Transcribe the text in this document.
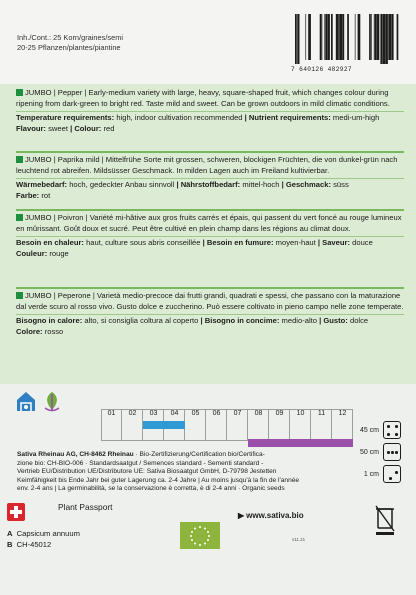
Inh./Cont.: 25 Korn/graines/semi
20-25 Pflanzen/plantes/piantine
7 640126 482927

JUMBO | Pepper | Early-medium variety with large, heavy, square-shaped fruit, which changes colour during ripening from dark-green to bright red. Taste mild and sweet. Can be grown outdoors in mild climatic conditions.

Temperature requirements: high, indoor cultivation recommended | Nutrient requirements: medi-um-high

Flavour: sweet | Colour: red

JUMBO | Paprika mild | Mittelfrühe Sorte mit grossen, schweren, blockigen Früchten, die von dunkel-grün nach leuchtend rot abreifen. Mildsüsser Geschmack. In milden Lagen auch im Freiland kultivierbar.

Wärmebedarf: hoch, gedeckter Anbau sinnvoll | Nährstoffbedarf: mittel-hoch | Geschmack: süss

Farbe: rot

JUMBO | Poivron | Variété mi-hâtive aux gros fruits carrés et épais, qui passent du vert foncé au rouge lumineux en mûrissant. Goût doux et sucré. Peut être cultivé en plein champ dans les régions au climat doux.

Besoin en chaleur: haut, culture sous abris conseillée | Besoin en fumure: moyen-haut | Saveur: douce

Couleur: rouge

JUMBO | Peperone | Varietà medio-precoce dai frutti grandi, quadrati e spessi, che passano con la maturazione dal verde scuro al rosso vivo. Gusto dolce e zuccherino. Può essere coltivato in pieno campo nelle zone temperate.

Bisogno in calore: alto, si consiglia coltura al coperto | Bisogno in concime: medio-alto | Gusto: dolce

Colore: rosso

01	02	03	04	05	06	07	08	09	10	11	12
45 cm
50 cm
1 cm
Sativa Rheinau AG, CH-8462 Rheinau · Bio-Zertifizierung/Certification bio/Certifica-
zione bio: CH-BIO-006 · Standardsaatgut / Semences standard - Sementi standard -
Vertrieb EU/Distribution UE/Distributore UE: Sativa Biosaatgut GmbH, D-79798 Jestetten
Keimfähigkeit bis Ende Jahr bei guter Lagerung ca. 2-4 Jahre | Au moins jusqu'à la fin de l'année
env. 2-4 ans | La germinabilità, se la conservazione è corretta, è di 2-4 anni · Organic seeds
Plant Passport
A Capsicum annuum
B CH-45012
▶ www.sativa.bio
v11.21
